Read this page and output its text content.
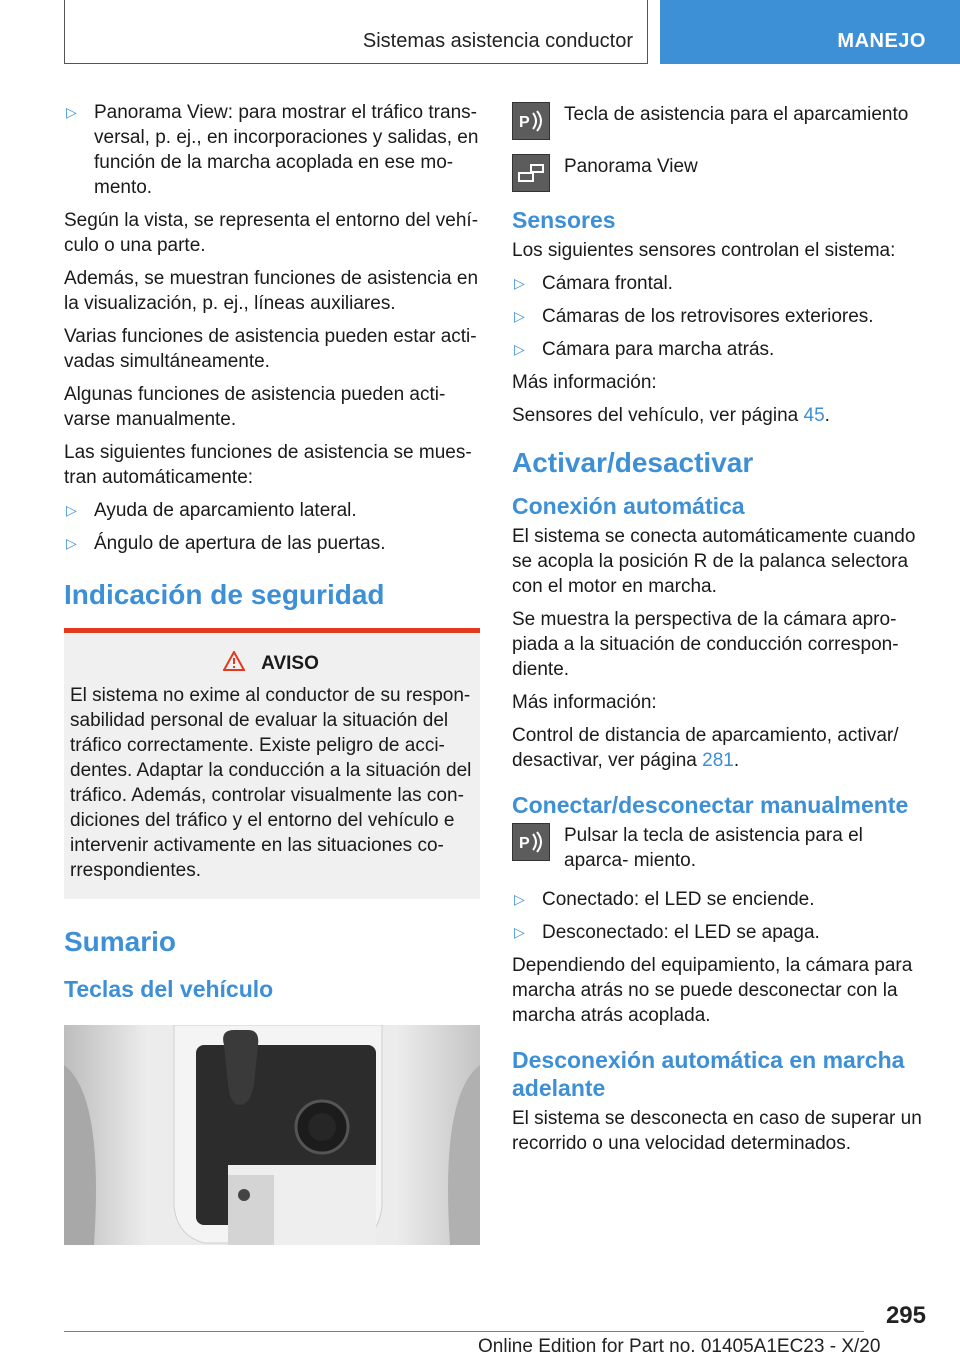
Sistemas asistencia conductor	MANEJO
▷ Panorama View: para mostrar el tráfico trans‐ versal, p. ej., en incorporaciones y salidas, en función de la marcha acoplada en ese mo‐ mento.

Según la vista, se representa el entorno del vehí‐ culo o una parte.

Además, se muestran funciones de asistencia en la visualización, p. ej., líneas auxiliares.

Varias funciones de asistencia pueden estar acti‐ vadas simultáneamente.

Algunas funciones de asistencia pueden acti‐ varse manualmente.

Las siguientes funciones de asistencia se mues‐ tran automáticamente:

▷ Ayuda de aparcamiento lateral.
▷ Ángulo de apertura de las puertas.
Indicación de seguridad
AVISO

El sistema no exime al conductor de su respon‐ sabilidad personal de evaluar la situación del tráfico correctamente. Existe peligro de acci‐ dentes. Adaptar la conducción a la situación del tráfico. Además, controlar visualmente las con‐ diciones del tráfico y el entorno del vehículo e intervenir activamente en las situaciones co‐ rrespondientes.

Sumario
Teclas del vehículo
P Tecla de asistencia para el aparcamiento
Panorama View
Sensores

Los siguientes sensores controlan el sistema:

▷ Cámara frontal.
▷ Cámaras de los retrovisores exteriores.
▷ Cámara para marcha atrás.

Más información:

Sensores del vehículo, ver página 45.

Activar/desactivar
Conexión automática

El sistema se conecta automáticamente cuando se acopla la posición R de la palanca selectora con el motor en marcha.

Se muestra la perspectiva de la cámara apro‐ piada a la situación de conducción correspon‐ diente.

Más información:

Control de distancia de aparcamiento, activar/ desactivar, ver página 281.

Conectar/desconectar manualmente
P Pulsar la tecla de asistencia para el aparca‐ miento.
▷ Conectado: el LED se enciende.
▷ Desconectado: el LED se apaga.

Dependiendo del equipamiento, la cámara para marcha atrás no se puede desconectar con la marcha atrás acoplada.

Desconexión automática en marcha adelante

El sistema se desconecta en caso de superar un recorrido o una velocidad determinados.

295
Online Edition for Part no. 01405A1EC23 - X/20
